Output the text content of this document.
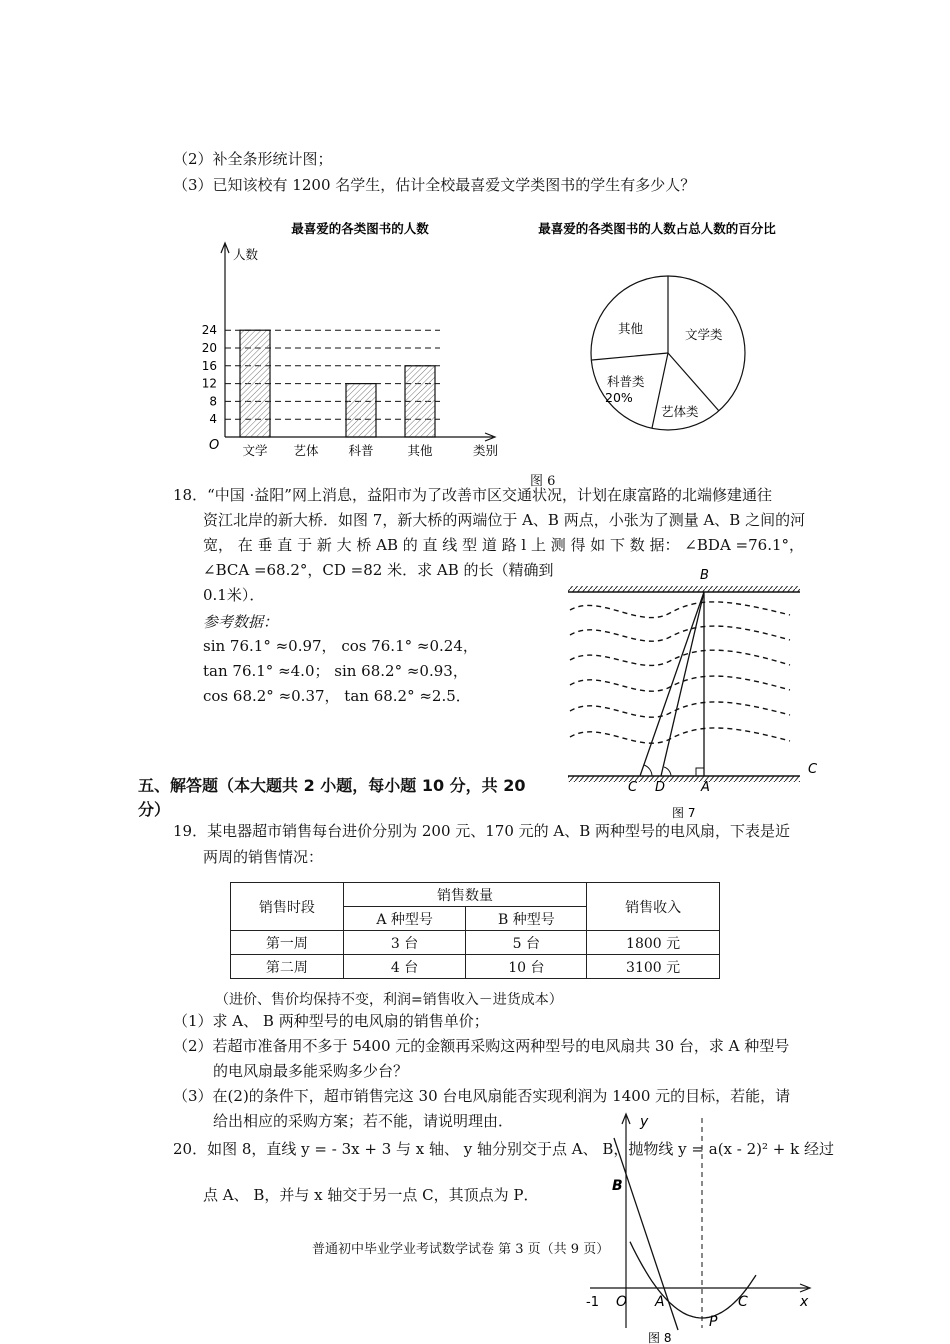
（2）补全条形统计图；
（3）已知该校有 1200 名学生，估计全校最喜爱文学类图书的学生有多少人？
最喜爱的各类图书的人数
人数
类别
O
4
8
12
16
20
24
文学 艺体 科普	其他
最喜爱的各类图书的人数占总人数的百分比
其他	文学类
科普类
20%
艺体类
图 6
18．“中国 ·益阳”网上消息，益阳市为了改善市区交通状况，计划在康富路的北端修建通往
资江北岸的新大桥．如图 7，新大桥的两端位于 A、B 两点，小张为了测量 A、B 之间的河
宽， 在 垂 直 于 新 大 桥 AB 的 直 线 型 道 路 l 上 测 得 如 下 数 据： ∠BDA =76.1°，
∠BCA =68.2°，CD =82 米．求 AB 的长（精确到
0.1米）．
参考数据：
sin 76.1° ≈0.97， cos 76.1° ≈0.24，
tan 76.1° ≈4.0； sin 68.2° ≈0.93，
cos 68.2° ≈0.37， tan 68.2° ≈2.5．
B
C D	A
C
图 7
五、解答题（本大题共 2 小题，每小题 10 分，共 20
分）
19．某电器超市销售每台进价分别为 200 元、170 元的 A、B 两种型号的电风扇，下表是近
两周的销售情况：
销售时段	销售数量		销售收入
	A 种型号	B 种型号	
第一周	3 台	5 台	1800 元
第二周	4 台	10 台	3100 元
（进价、售价均保持不变，利润=销售收入－进货成本）
（1）求 A、 B 两种型号的电风扇的销售单价；
（2）若超市准备用不多于 5400 元的金额再采购这两种型号的电风扇共 30 台，求 A 种型号
的电风扇最多能采购多少台？
（3）在(2)的条件下，超市销售完这 30 台电风扇能否实现利润为 1400 元的目标，若能，请
给出相应的采购方案；若不能，请说明理由．
20．如图 8，直线 y = - 3x + 3 与 x 轴、 y 轴分别交于点 A、 B，抛物线 y = a(x - 2)² + k 经过
点 A、 B，并与 x 轴交于另一点 C，其顶点为 P．
y
x
B
O A	C
P
-1
图 8
普通初中毕业学业考试数学试卷 第 3 页（共 9 页）
